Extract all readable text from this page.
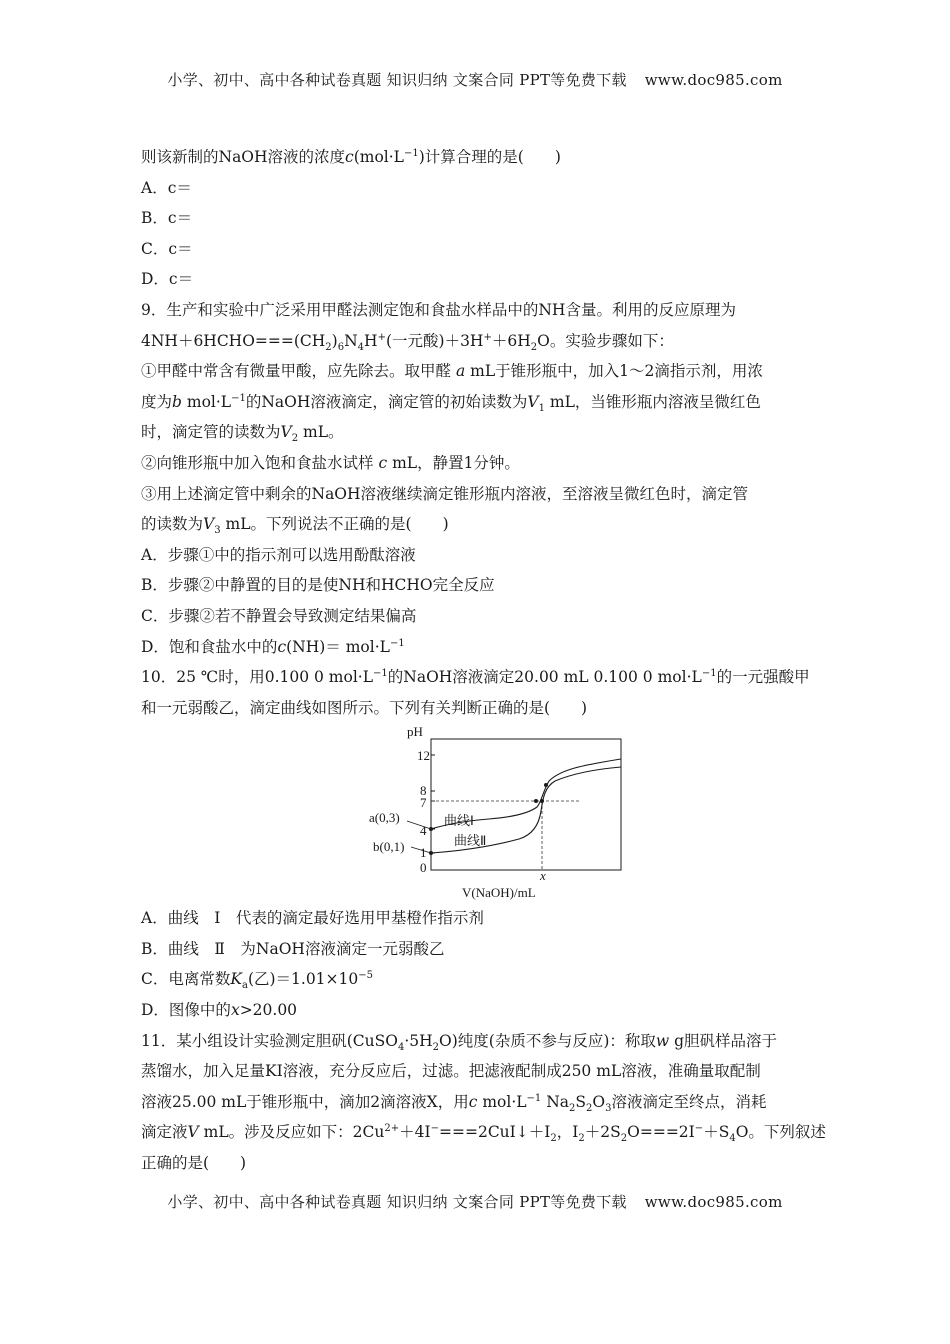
小学、初中、高中各种试卷真题 知识归纳 文案合同 PPT等免费下载 www.doc985.com
则该新制的NaOH溶液的浓度$c(mol\cdot L^{-1})$计算合理的是(　　)
A．c＝
B．c＝
C．c＝
D．c＝
9．生产和实验中广泛采用甲醛法测定饱和食盐水样品中的NH含量。利用的反应原理为
$4NH+6HCHO===(CH_2)_6N_4H^+$(一元酸)$+3H^++6H_2O$。实验步骤如下：
①甲醛中常含有微量甲酸，应先除去。取甲醛 a mL于锥形瓶中，加入1～2滴指示剂，用浓
度为b $mol\cdot L^{-1}$的NaOH溶液滴定，滴定管的初始读数为$V_1$ mL，当锥形瓶内溶液呈微红色
时，滴定管的读数为$V_2$ mL。
②向锥形瓶中加入饱和食盐水试样 c mL，静置1分钟。
③用上述滴定管中剩余的NaOH溶液继续滴定锥形瓶内溶液，至溶液呈微红色时，滴定管
的读数为$V_3$ mL。下列说法不正确的是(　　)
A．步骤①中的指示剂可以选用酚酞溶液
B．步骤②中静置的目的是使NH和HCHO完全反应
C．步骤②若不静置会导致测定结果偏高
D．饱和食盐水中的$c(NH)= mol\cdot L^{-1}$
10．25 ℃时，用0.100 0 $mol\cdot L^{-1}$的NaOH溶液滴定20.00 mL 0.100 0 $mol\cdot L^{-1}$的一元强酸甲
和一元弱酸乙，滴定曲线如图所示。下列有关判断正确的是(　　)
pH
12
8
7
4
1
0
a(0,3)
b(0,1)
曲线Ⅰ
曲线Ⅱ
x
V(NaOH)/mL
A．曲线　Ⅰ　代表的滴定最好选用甲基橙作指示剂
B．曲线　Ⅱ　为NaOH溶液滴定一元弱酸乙
C．电离常数$K_a$(乙)$=1.01\times 10^{-5}$
D．图像中的x>20.00
11．某小组设计实验测定胆矾$(CuSO_4\cdot 5H_2O)$纯度(杂质不参与反应)：称取w g胆矾样品溶于
蒸馏水，加入足量KI溶液，充分反应后，过滤。把滤液配制成250 mL溶液，准确量取配制
溶液25.00 mL于锥形瓶中，滴加2滴溶液X，用c $mol\cdot L^{-1}$ $Na_2S_2O_3$溶液滴定至终点，消耗
滴定液V mL。涉及反应如下：$2Cu^{2+}+4I^-===2CuI↓+I_2$，$I_2+2S_2O===2I^-+S_4O$。下列叙述
正确的是(　　)
小学、初中、高中各种试卷真题 知识归纳 文案合同 PPT等免费下载 www.doc985.com
